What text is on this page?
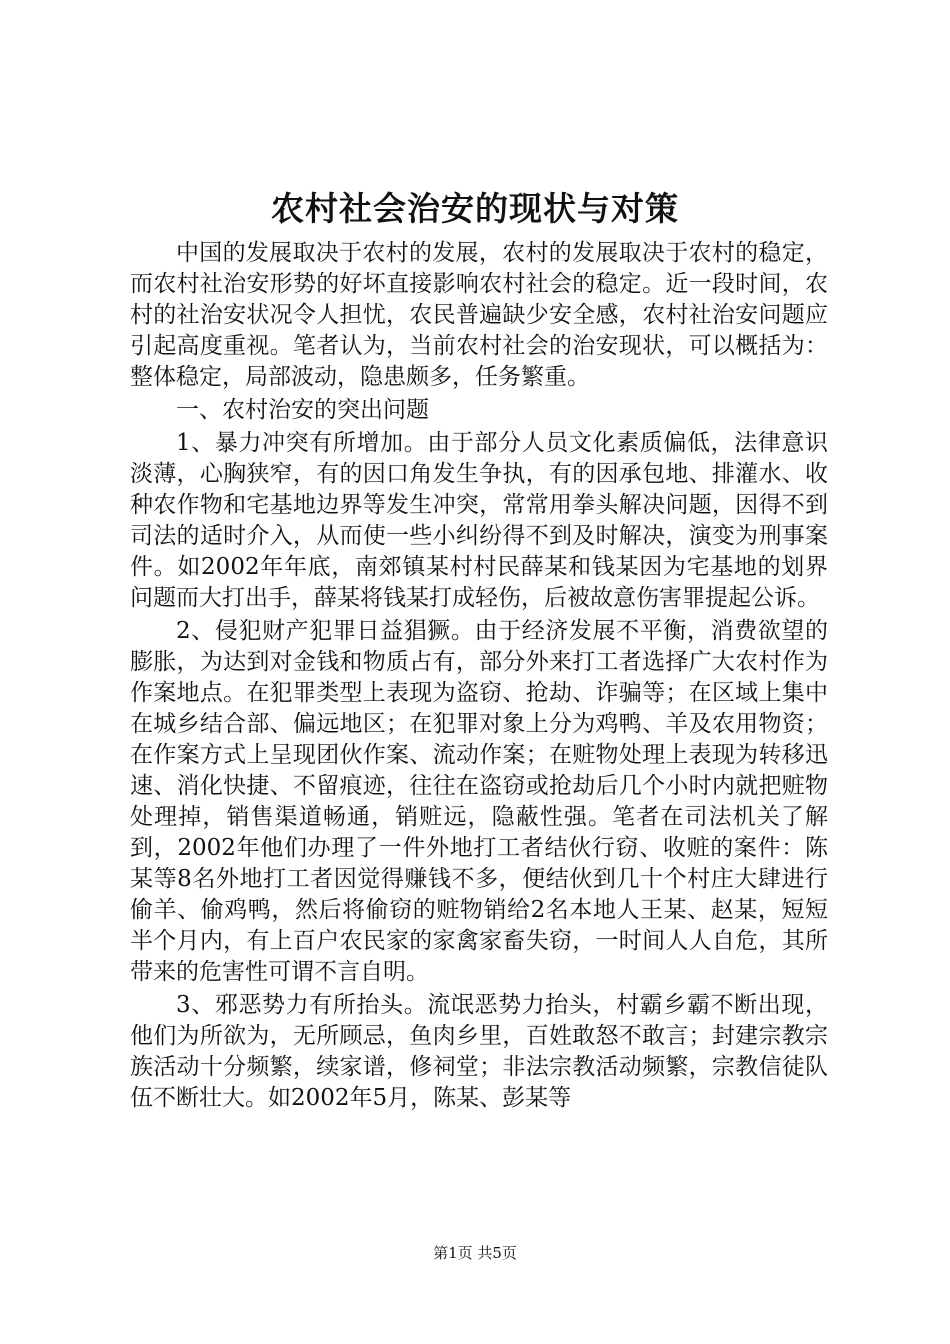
农村社会治安的现状与对策

中国的发展取决于农村的发展，农村的发展取决于农村的稳定，而农村社治安形势的好坏直接影响农村社会的稳定。近一段时间，农村的社治安状况令人担忧，农民普遍缺少安全感，农村社治安问题应引起高度重视。笔者认为，当前农村社会的治安现状，可以概括为：整体稳定，局部波动，隐患颇多，任务繁重。

一、农村治安的突出问题

1、暴力冲突有所增加。由于部分人员文化素质偏低，法律意识淡薄，心胸狭窄，有的因口角发生争执，有的因承包地、排灌水、收种农作物和宅基地边界等发生冲突，常常用拳头解决问题，因得不到司法的适时介入，从而使一些小纠纷得不到及时解决，演变为刑事案件。如2002年年底，南郊镇某村村民薛某和钱某因为宅基地的划界问题而大打出手，薛某将钱某打成轻伤，后被故意伤害罪提起公诉。

2、侵犯财产犯罪日益猖獗。由于经济发展不平衡，消费欲望的膨胀，为达到对金钱和物质占有，部分外来打工者选择广大农村作为作案地点。在犯罪类型上表现为盗窃、抢劫、诈骗等；在区域上集中在城乡结合部、偏远地区；在犯罪对象上分为鸡鸭、羊及农用物资；在作案方式上呈现团伙作案、流动作案；在赃物处理上表现为转移迅速、消化快捷、不留痕迹，往往在盗窃或抢劫后几个小时内就把赃物处理掉，销售渠道畅通，销赃远，隐蔽性强。笔者在司法机关了解到，2002年他们办理了一件外地打工者结伙行窃、收赃的案件：陈某等8名外地打工者因觉得赚钱不多，便结伙到几十个村庄大肆进行偷羊、偷鸡鸭，然后将偷窃的赃物销给2名本地人王某、赵某，短短半个月内，有上百户农民家的家禽家畜失窃，一时间人人自危，其所带来的危害性可谓不言自明。

3、邪恶势力有所抬头。流氓恶势力抬头，村霸乡霸不断出现，他们为所欲为，无所顾忌，鱼肉乡里，百姓敢怒不敢言；封建宗教宗族活动十分频繁，续家谱，修祠堂；非法宗教活动频繁，宗教信徒队伍不断壮大。如2002年5月，陈某、彭某等

第1页 共5页
